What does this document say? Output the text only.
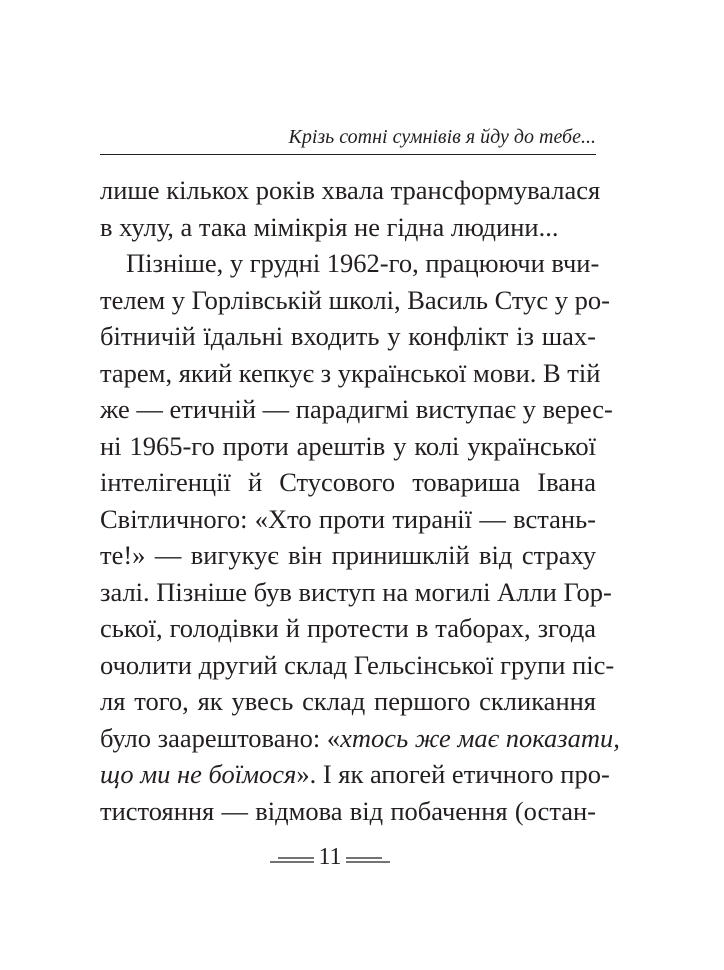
Крізь сотні сумнівів я йду до тебе...
лише кількох років хвала трансформувалася
в хулу, а така мімікрія не гідна людини...
Пізніше, у грудні 1962-го, працюючи вчи-
телем у Горлівській школі, Василь Стус у ро-
бітничій їдальні входить у конфлікт із шах-
тарем, який кепкує з української мови. В тій
же — етичній — парадигмі виступає у верес-
ні 1965-го проти арештів у колі української
інтелігенції й Стусового товариша Івана
Світличного: «Хто проти тиранії — встань-
те!» — вигукує він принишклій від страху
залі. Пізніше був виступ на могилі Алли Гор-
ської, голодівки й протести в таборах, згода
очолити другий склад Гельсінської групи піс-
ля того, як увесь склад першого скликання
було заарештовано: «хтось же має показати,
що ми не боїмося». І як апогей етичного про-
тистояння — відмова від побачення (остан-
11
